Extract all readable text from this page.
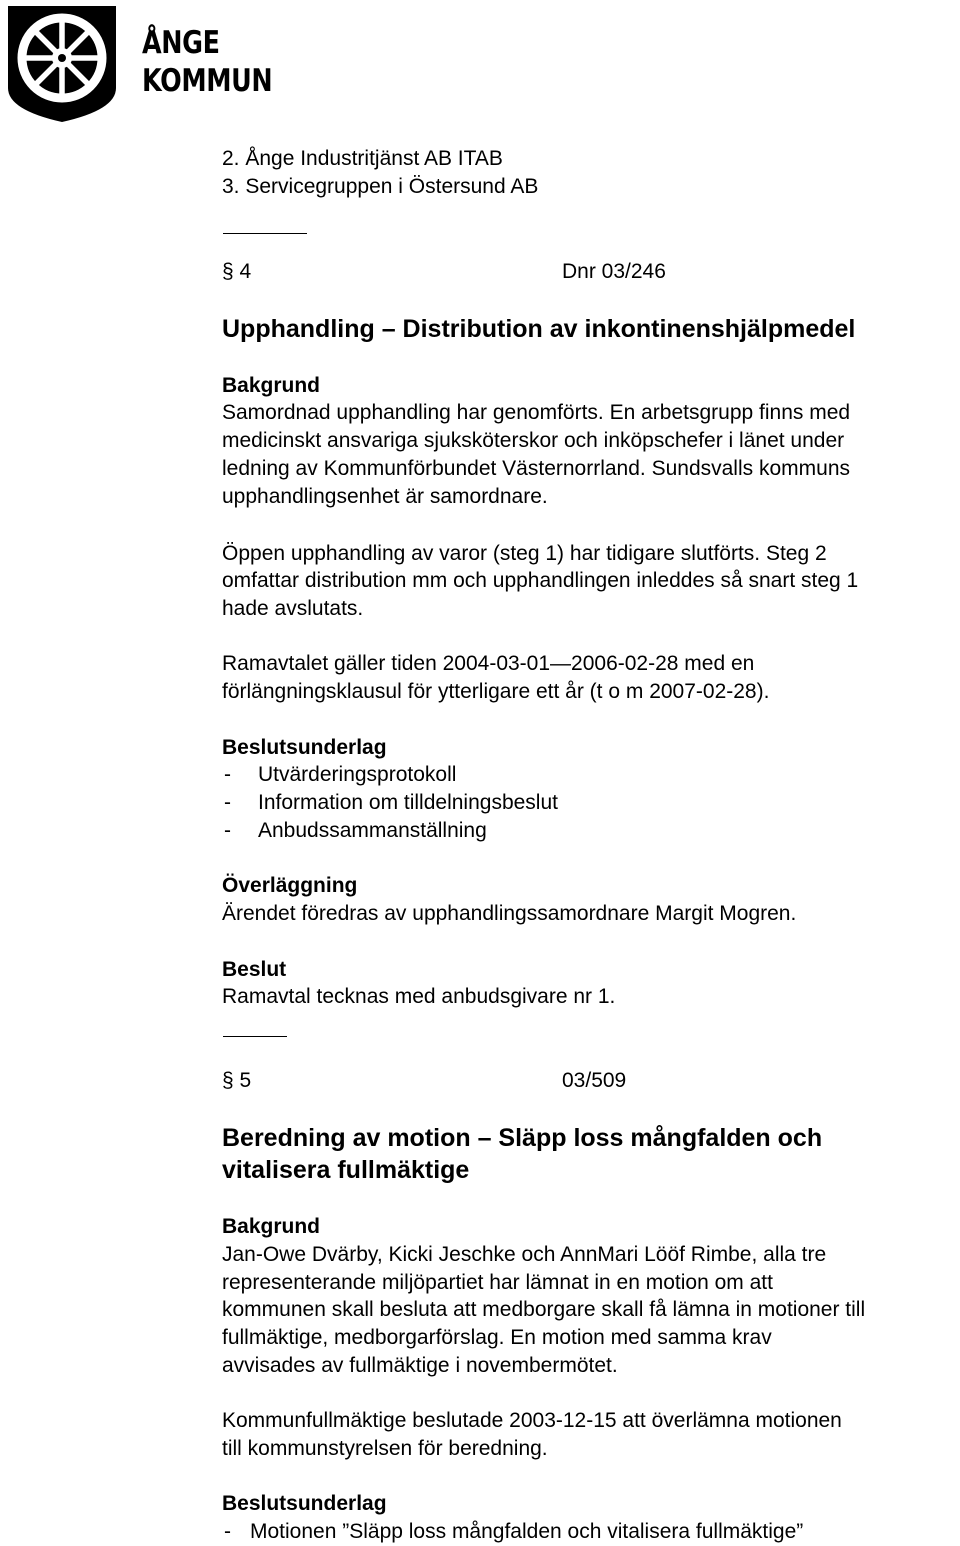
ÅNGE
KOMMUN
2. Ånge Industritjänst AB ITAB
3. Servicegruppen i Östersund AB
§ 4	Dnr 03/246
Upphandling – Distribution av inkontinenshjälpmedel
Bakgrund
Samordnad upphandling har genomförts. En arbetsgrupp finns med
medicinskt ansvariga sjuksköterskor och inköpschefer i länet under
ledning av Kommunförbundet Västernorrland. Sundsvalls kommuns
upphandlingsenhet är samordnare.
Öppen upphandling av varor (steg 1) har tidigare slutförts. Steg 2
omfattar distribution mm och upphandlingen inleddes så snart steg 1
hade avslutats.
Ramavtalet gäller tiden 2004-03-01—2006-02-28 med en
förlängningsklausul för ytterligare ett år (t o m 2007-02-28).
Beslutsunderlag
- Utvärderingsprotokoll
- Information om tilldelningsbeslut
- Anbudssammanställning
Överläggning
Ärendet föredras av upphandlingssamordnare Margit Mogren.
Beslut
Ramavtal tecknas med anbudsgivare nr 1.
§ 5	03/509
Beredning av motion – Släpp loss mångfalden och
vitalisera fullmäktige
Bakgrund
Jan-Owe Dvärby, Kicki Jeschke och AnnMari Lööf Rimbe, alla tre
representerande miljöpartiet har lämnat in en motion om att
kommunen skall besluta att medborgare skall få lämna in motioner till
fullmäktige, medborgarförslag. En motion med samma krav
avvisades av fullmäktige i novembermötet.
Kommunfullmäktige beslutade 2003-12-15 att överlämna motionen
till kommunstyrelsen för beredning.
Beslutsunderlag
- Motionen ”Släpp loss mångfalden och vitalisera fullmäktige”
